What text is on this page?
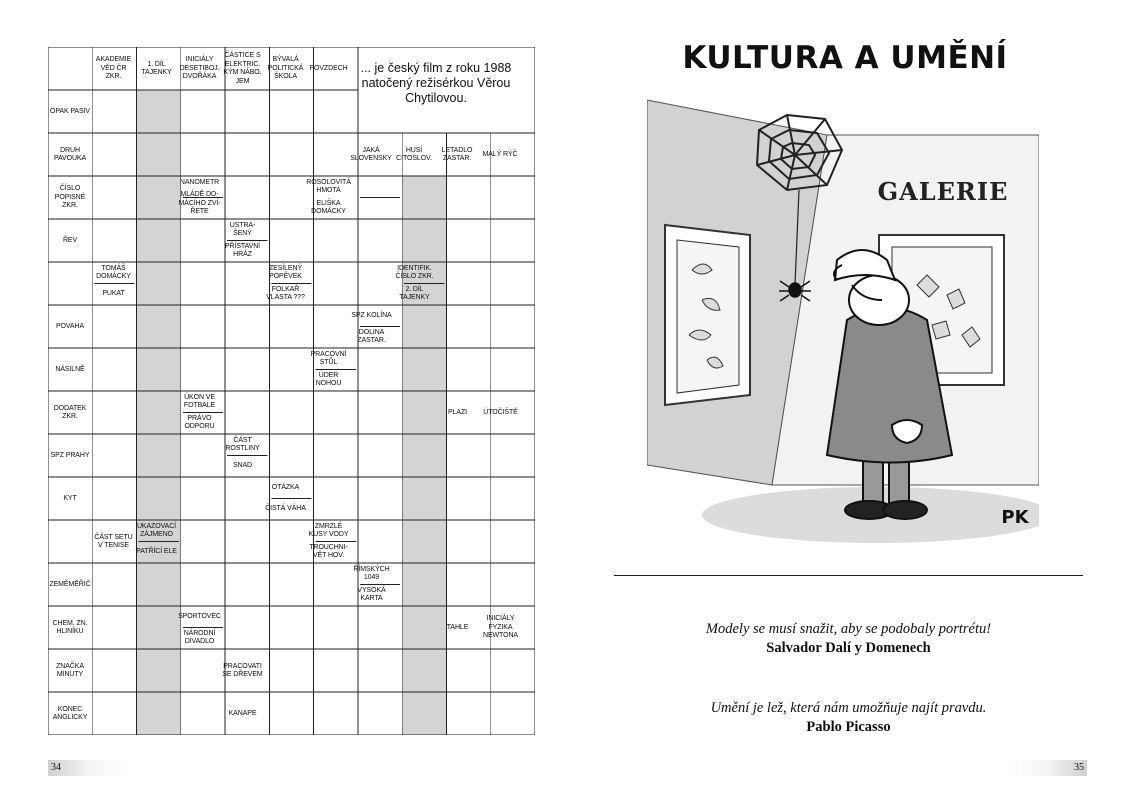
AKADEMIE VĚD ČR ZKR.
1. DÍL TAJENKY
INICIÁLY DESETIBOJ. DVOŘÁKA
ČÁSTICE S ELEKTRIC. KÝM NÁBO. JEM
BÝVALÁ POLITICKÁ ŠKOLA
POVZDECH	... je český film z roku 1988
natočený režisérkou Věrou
Chytilovou.
OPAK PASIV
DRUH PAVOUKA
ČÍSLO POPISNÉ ZKR.
ŘEV
POVAHA
NÁSILNĚ
DODATEK ZKR.
SPZ PRAHY
KYT
ZEMĚMĚŘIČ
CHEM. ZN. HLINÍKU
ZNAČKA MINUTY
KONEC ANGLICKY
JAKÁ SLOVENSKY
HUSÍ CITOSLOV.
LETADLO ZASTAR.
MALÝ RÝČ
NANOMETR
MLÁDĚ DO- MÁCÍHO ZVÍ- ŘETE
ROSOLOVITÁ HMOTA
ELIŠKA DOMÁCKY
USTRA- ŠENÝ
PŘÍSTAVNÍ HRÁZ
TOMÁŠ DOMÁCKY
PUKAT
ZESÍLENÝ POPĚVEK
FOLKAŘ VLASTA ???
IDENTIFIK. ČÍSLO ZKR.
2. DÍL TAJENKY
SPZ KOLÍNA
DOLINA ZASTAR.
PRACOVNÍ STŮL
ÚDER NOHOU
ÚKON VE FOTBALE
PRÁVO ODPORU
PLAZI	ÚTOČIŠTĚ
ČÁST ROSTLINY
SNAD
OTÁZKA
ČISTÁ VÁHA
ČÁST SETU V TENISE
UKAZOVACÍ ZÁJMENO
PATŘÍCÍ ELE
ZMRZLÉ KUSY VODY
TROUCHNI- VĚT HOV.
ŘÍMSKÝCH 1049
VYSOKÁ KARTA
SPORTOVEC
NÁRODNÍ DIVADLO
TAHLE
INICIÁLY FYZIKA NEWTONA
PRACOVATI SE DŘEVEM
KANAPE
34
KULTURA A UMĚNÍ
GALERIE
PK
Modely se musí snažit, aby se podobaly portrétu!
Salvador Dalí y Domenech
Umění je lež, která nám umožňuje najít pravdu.
Pablo Picasso
35
